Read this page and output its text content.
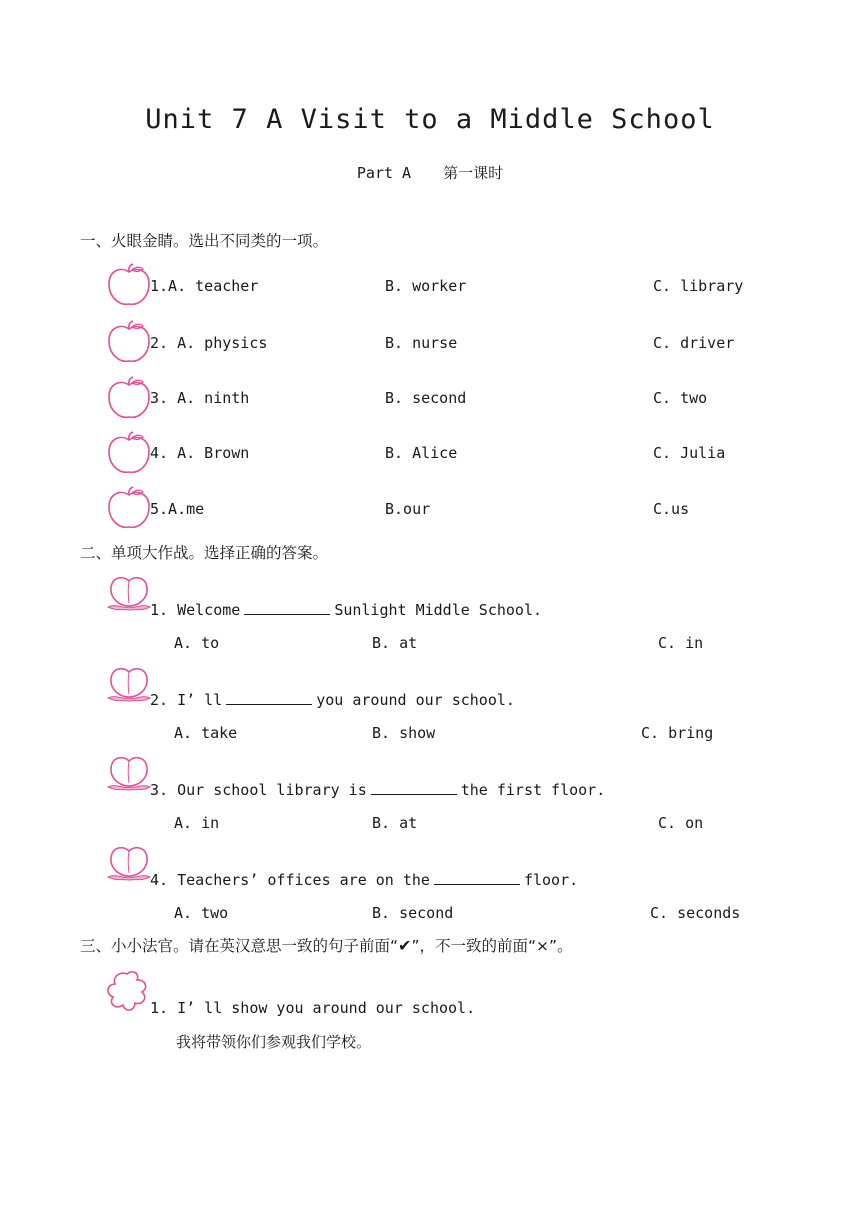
Unit 7 A Visit to a Middle School
Part A 第一课时
一、火眼金睛。选出不同类的一项。
1.A. teacher	B. worker	C. library
2. A. physics	B. nurse	C. driver
3. A. ninth	B. second	C. two
4. A. Brown	B. Alice	C. Julia
5.A.me	B.our	C.us
二、单项大作战。选择正确的答案。
1. Welcome	Sunlight Middle School.
A. to	B. at	C. in
2. I’ ll	you around our school.
A. take	B. show	C. bring
3. Our school library is	the first floor.
A. in	B. at	C. on
4. Teachers’ offices are on the	floor.
A. two	B. second	C. seconds
三、小小法官。请在英汉意思一致的句子前面“✔”，不一致的前面“×”。
1. I’ ll show you around our school.
我将带领你们参观我们学校。
